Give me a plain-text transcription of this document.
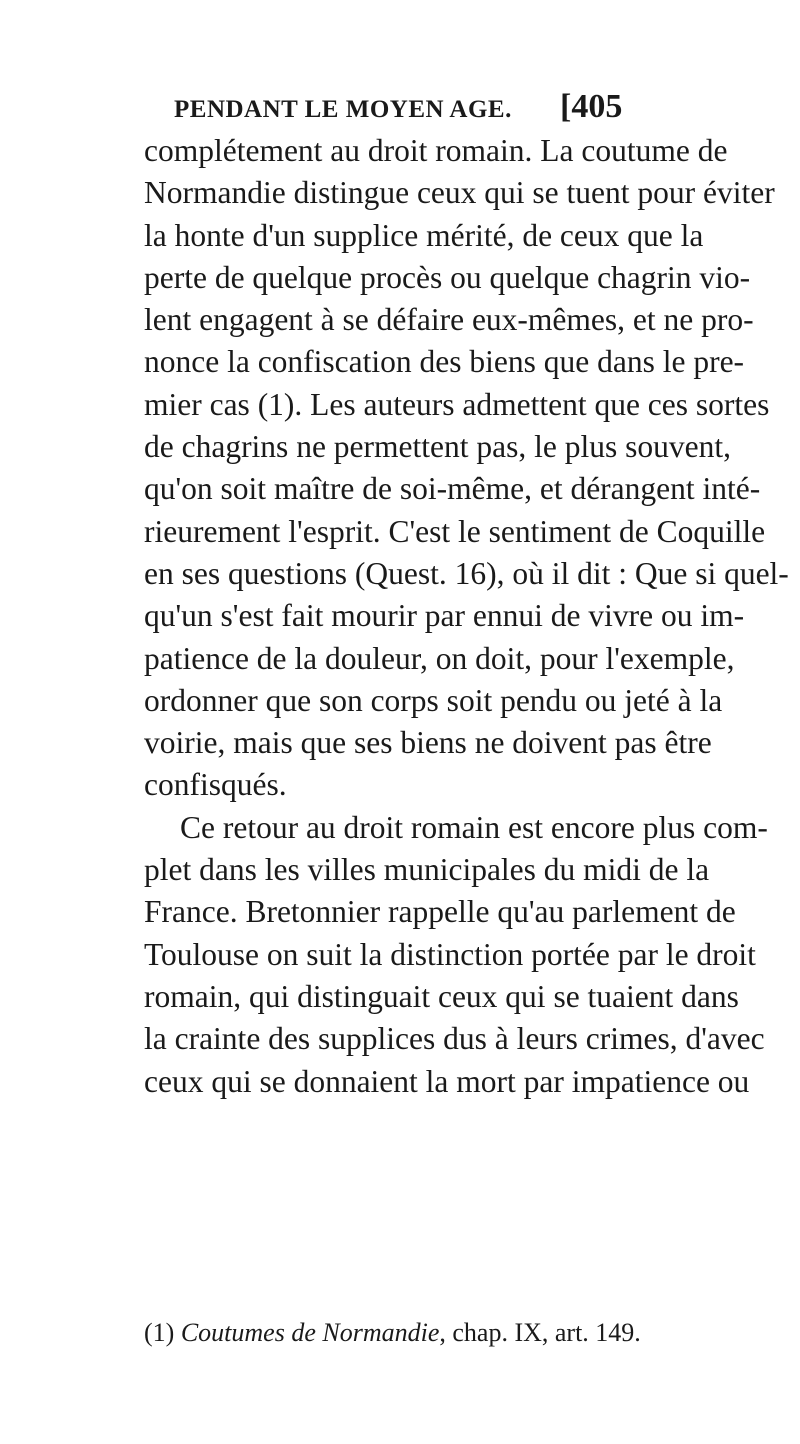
PENDANT LE MOYEN AGE. [405
complétement au droit romain. La coutume de
Normandie distingue ceux qui se tuent pour éviter
la honte d'un supplice mérité, de ceux que la
perte de quelque procès ou quelque chagrin vio-
lent engagent à se défaire eux-mêmes, et ne pro-
nonce la confiscation des biens que dans le pre-
mier cas (1). Les auteurs admettent que ces sortes
de chagrins ne permettent pas, le plus souvent,
qu'on soit maître de soi-même, et dérangent inté-
rieurement l'esprit. C'est le sentiment de Coquille
en ses questions (Quest. 16), où il dit : Que si quel-
qu'un s'est fait mourir par ennui de vivre ou im-
patience de la douleur, on doit, pour l'exemple,
ordonner que son corps soit pendu ou jeté à la
voirie, mais que ses biens ne doivent pas être
confisqués.
Ce retour au droit romain est encore plus com-
plet dans les villes municipales du midi de la
France. Bretonnier rappelle qu'au parlement de
Toulouse on suit la distinction portée par le droit
romain, qui distinguait ceux qui se tuaient dans
la crainte des supplices dus à leurs crimes, d'avec
ceux qui se donnaient la mort par impatience ou
(1) Coutumes de Normandie, chap. IX, art. 149.
